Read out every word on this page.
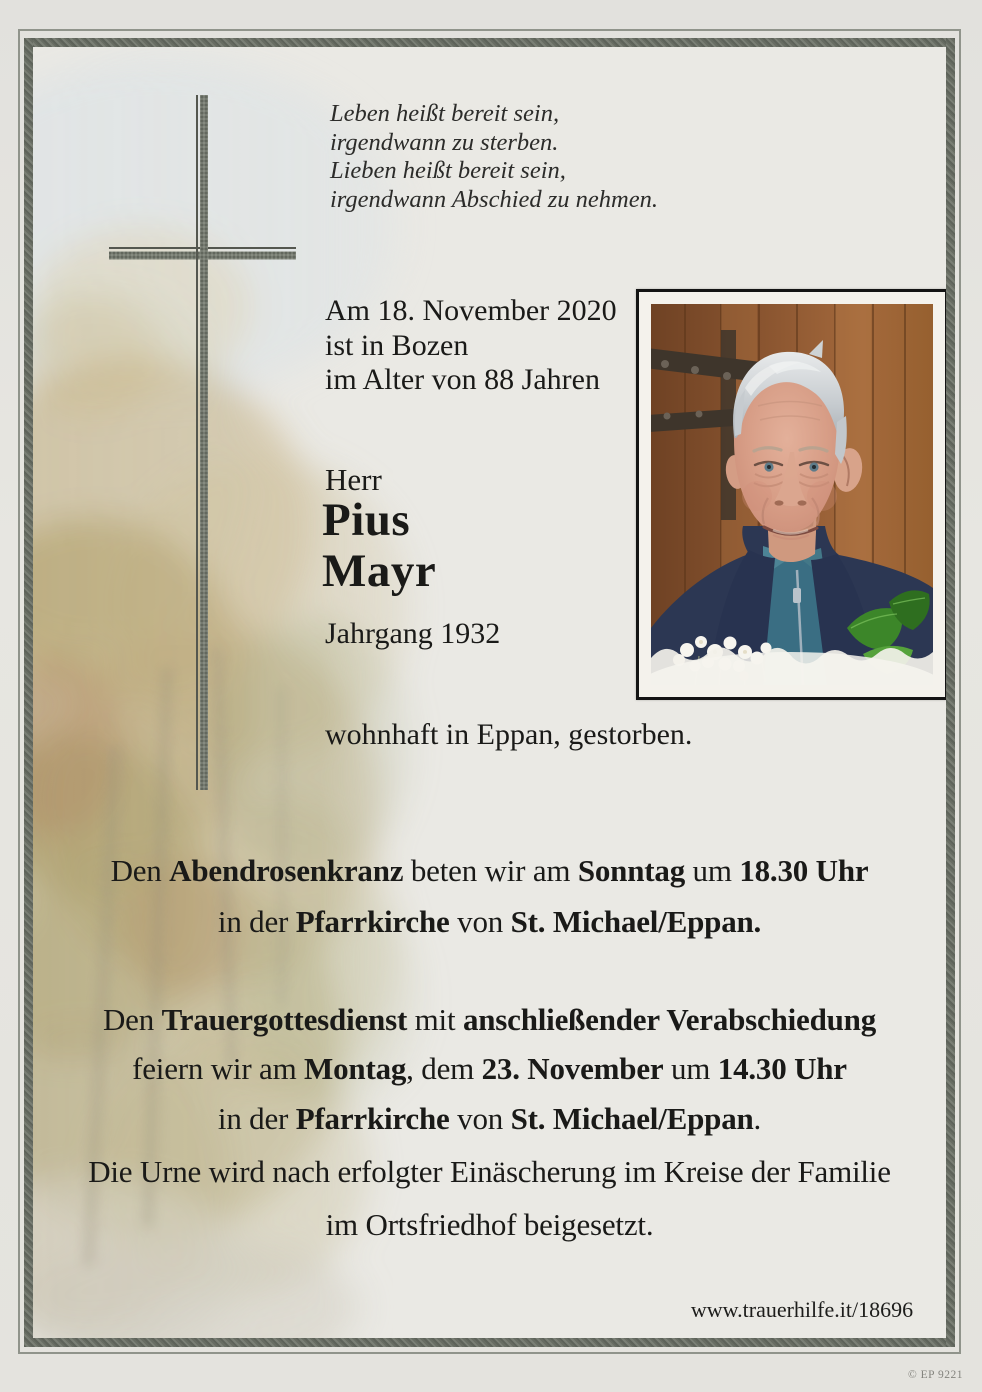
Leben heißt bereit sein,
irgendwann zu sterben.
Lieben heißt bereit sein,
irgendwann Abschied zu nehmen.
Am 18. November 2020
ist in Bozen
im Alter von 88 Jahren
Herr
Pius
Mayr
Jahrgang 1932
wohnhaft in Eppan, gestorben.
Den Abendrosenkranz beten wir am Sonntag um 18.30 Uhr
in der Pfarrkirche von St. Michael/Eppan.
Den Trauergottesdienst mit anschließender Verabschiedung
feiern wir am Montag, dem 23. November um 14.30 Uhr
in der Pfarrkirche von St. Michael/Eppan.
Die Urne wird nach erfolgter Einäscherung im Kreise der Familie
im Ortsfriedhof beigesetzt.
www.trauerhilfe.it/18696
© EP 9221
